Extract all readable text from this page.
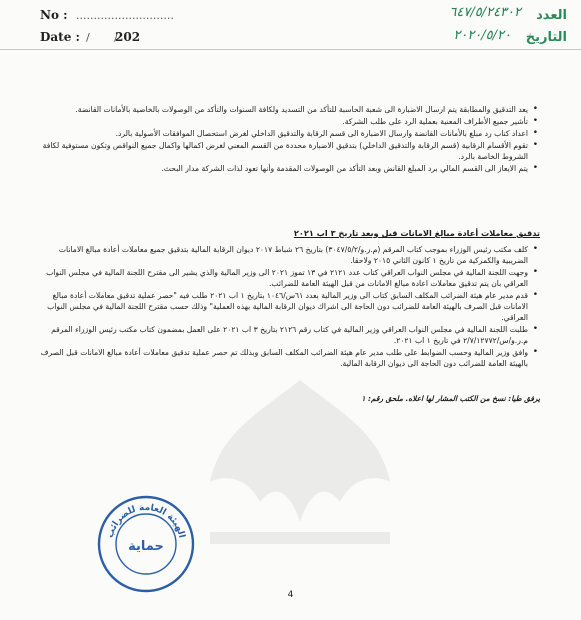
No : ............................
Date : /       /
202
العدد
٦٤٧/٥/٢٤٣٠٢
التاريخ
٢٠٢٠/٥/٢٠
• يعد التدقيق والمطابقة يتم ارسال الاضبارة الى شعبة الحاسبة للتأكد من التسديد ولكافة السنوات والتأكد من الوصولات بالخاصية بالأمانات القانضة.
• تأشير جميع الأطراف المعنية بعملية الرد على طلب الشركة.
• اعداد كتاب رد مبلغ بالأمانات القانضة وارسال الاضبارة الى قسم الرقابة والتدقيق الداخلي لغرض استحصال الموافقات الأصولية بالرد.
• تقوم الأقسام الرقابية (قسم الرقابة والتدقيق الداخلي) بتدقيق الاضبارة محددة من القسم المعني لغرض اكمالها واكمال جميع النواقص وتكون مستوفية لكافة الشروط الخاصة بالرد.
• يتم الايعاز الى القسم المالي برد المبلغ القانض وبعد التأكد من الوصولات المقدمة وأنها تعود لذات الشركة مدار البحث.
تدقيق معاملات أعادة مبالغ الامانات قبل وبعد تاريخ ٣ اب ٢٠٢١
• كلف مكتب رئيس الوزراء بموجب كتاب المرقم (م.ر.و/٣٠٤٧/٥/٢) بتاريخ ٢٦ شباط ٢٠١٧ ديوان الرقابة المالية بتدقيق جميع معاملات أعادة مبالغ الامانات الضريبية والكمركية من تاريخ ١ كانون الثاني ٢٠١٥ ولاحقا.
• وجهت اللجنة المالية في مجلس النواب العراقي كتاب عدد ٢١٢١ في ١٣ تموز ٢٠٢١ الى وزير المالية والذي يشير الى مقترح اللجنة المالية في مجلس النواب العراقي بان يتم تدقيق معاملات اعادة مبالغ الامانات من قبل الهيئة العامة للضرائب.
• قدم مدير عام هيئة الضرائب المكلف السابق كتاب الى وزير المالية بعدد ٦١س/١٠٤٦ بتاريخ ١ اب ٢٠٢١ طلب فيه "حصر عملية تدقيق معاملات أعادة مبالغ الامانات قبل الصرف بالهيئة العامة للضرائب دون الحاجة الى اشراك ديوان الرقابة المالية بهذه العملية" وذلك حسب مقترح اللجنة المالية في مجلس النواب العراقي.
• طلبت اللجنة المالية في مجلس النواب العراقي وزير المالية في كتاب رقم ٢١٢٦ بتاريخ ٣ اب ٢٠٢١ على العمل بمضمون كتاب مكتب رئيس الوزراء المرقم م.ر.و/س/٢/٧/١٢٧٧٢ في تاريخ ١ اب ٢٠٢١.
• وافق وزير المالية وحسب الضوابط على طلب مدير عام هيئة الضرائب المكلف السابق وبذلك تم حصر عملية تدقيق معاملات أعادة مبالغ الامانات قبل الصرف بالهيئة العامة للضرائب دون الحاجة الى ديوان الرقابة المالية.
يرفق طيا: نسخ من الكتب المشار لها اعلاه. ملحق رقم: ١
الهيئة العامة للضرائب
حماية
4
